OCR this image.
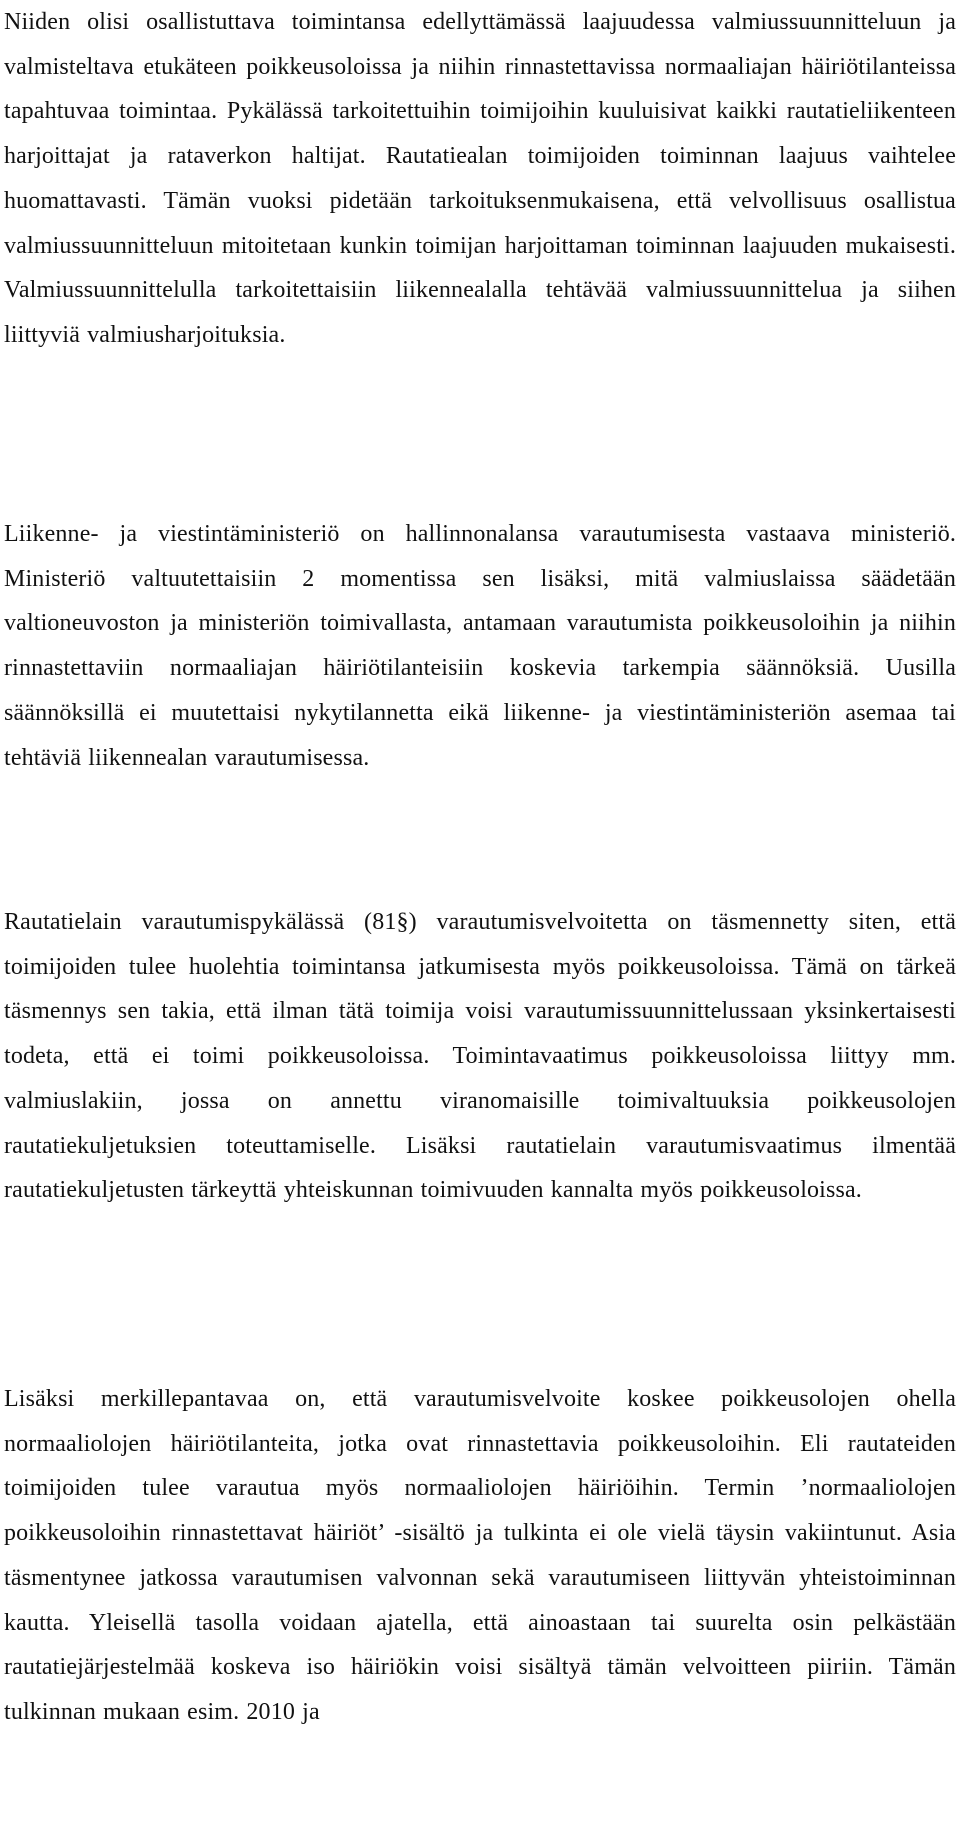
Niiden olisi osallistuttava toimintansa edellyttämässä laajuudessa valmiussuunnitteluun ja valmisteltava etukäteen poikkeusoloissa ja niihin rinnastettavissa normaaliajan häiriötilanteissa tapahtuvaa toimintaa. Pykälässä tarkoitettuihin toimijoihin kuuluisivat kaikki rautatieliikenteen harjoittajat ja rataverkon haltijat. Rautatiealan toimijoiden toiminnan laajuus vaihtelee huomattavasti. Tämän vuoksi pidetään tarkoituksenmukaisena, että velvollisuus osallistua valmiussuunnitteluun mitoitetaan kunkin toimijan harjoittaman toiminnan laajuuden mukaisesti. Valmiussuunnittelulla tarkoitettaisiin liikennealalla tehtävää valmiussuunnittelua ja siihen liittyviä valmiusharjoituksia.

Liikenne- ja viestintäministeriö on hallinnonalansa varautumisesta vastaava ministeriö. Ministeriö valtuutettaisiin 2 momentissa sen lisäksi, mitä valmiuslaissa säädetään valtioneuvoston ja ministeriön toimivallasta, antamaan varautumista poikkeusoloihin ja niihin rinnastettaviin normaaliajan häiriötilanteisiin koskevia tarkempia säännöksiä. Uusilla säännöksillä ei muutettaisi nykytilannetta eikä liikenne- ja viestintäministeriön asemaa tai tehtäviä liikennealan varautumisessa.

Rautatielain varautumispykälässä (81§) varautumisvelvoitetta on täsmennetty siten, että toimijoiden tulee huolehtia toimintansa jatkumisesta myös poikkeusoloissa. Tämä on tärkeä täsmennys sen takia, että ilman tätä toimija voisi varautumissuunnittelussaan yksinkertaisesti todeta, että ei toimi poikkeusoloissa. Toimintavaatimus poikkeusoloissa liittyy mm. valmiuslakiin, jossa on annettu viranomaisille toimivaltuuksia poikkeusolojen rautatiekuljetuksien toteuttamiselle. Lisäksi rautatielain varautumisvaatimus ilmentää rautatiekuljetusten tärkeyttä yhteiskunnan toimivuuden kannalta myös poikkeusoloissa.

Lisäksi merkillepantavaa on, että varautumisvelvoite koskee poikkeusolojen ohella normaaliolojen häiriötilanteita, jotka ovat rinnastettavia poikkeusoloihin. Eli rautateiden toimijoiden tulee varautua myös normaaliolojen häiriöihin. Termin ’normaaliolojen poikkeusoloihin rinnastettavat häiriöt’ -sisältö ja tulkinta ei ole vielä täysin vakiintunut. Asia täsmentynee jatkossa varautumisen valvonnan sekä varautumiseen liittyvän yhteistoiminnan kautta. Yleisellä tasolla voidaan ajatella, että ainoastaan tai suurelta osin pelkästään rautatiejärjestelmää koskeva iso häiriökin voisi sisältyä tämän velvoitteen piiriin. Tämän tulkinnan mukaan esim. 2010 ja
